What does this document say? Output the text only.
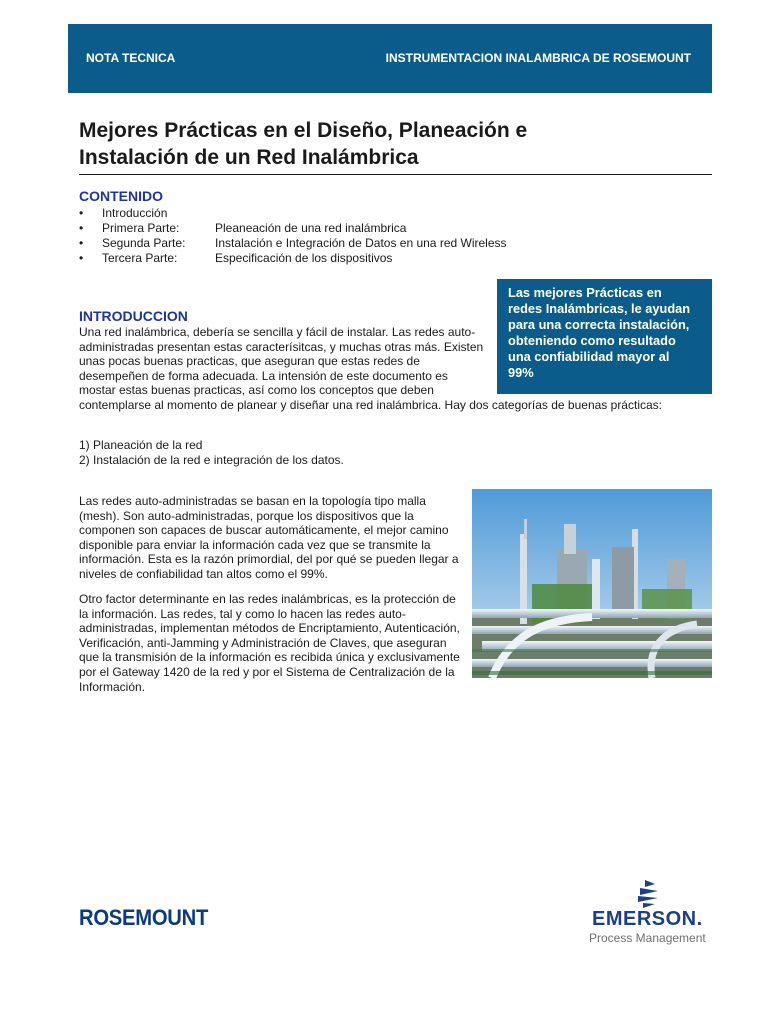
NOTA TECNICA	INSTRUMENTACION INALAMBRICA DE ROSEMOUNT
Mejores Prácticas en el Diseño, Planeación e
Instalación de un Red Inalámbrica
CONTENIDO
• Introducción
• Primera Parte:	Pleaneación de una red inalámbrica
• Segunda Parte: Instalación e Integración de Datos en una red Wireless
• Tercera Parte:	Especificación de los dispositivos
Las mejores Prácticas en
redes Inalámbricas, le ayudan
para una correcta instalación,
obteniendo como resultado
una confiabilidad mayor al
99%
INTRODUCCION

Una red inalámbrica, debería se sencilla y fácil de instalar. Las redes auto-
administradas presentan estas caracterísitcas, y muchas otras más. Existen
unas pocas buenas practicas, que aseguran que estas redes de
desempeñen de forma adecuada. La intensión de este documento es
mostar estas buenas practicas, así como los conceptos que deben
contemplarse al momento de planear y diseñar una red inalámbrica. Hay dos categorías de buenas prácticas:

1) Planeación de la red
2) Instalación de la red e integración de los datos.

Las redes auto-administradas se basan en la topología tipo malla
(mesh). Son auto-administradas, porque los dispositivos que la
componen son capaces de buscar automáticamente, el mejor camino
disponible para enviar la información cada vez que se transmite la
información. Esta es la razón primordial, del por qué se pueden llegar a
niveles de confiabilidad tan altos como el 99%.

Otro factor determinante en las redes inalámbricas, es la protección de
la información. Las redes, tal y como lo hacen las redes auto-
administradas, implementan métodos de Encriptamiento, Autenticación,
Verificación, anti-Jamming y Administración de Claves, que aseguran
que la transmisión de la información es recibida única y exclusivamente
por el Gateway 1420 de la red y por el Sistema de Centralización de la
Información.

ROSEMOUNT	EMERSON.
Process Management
